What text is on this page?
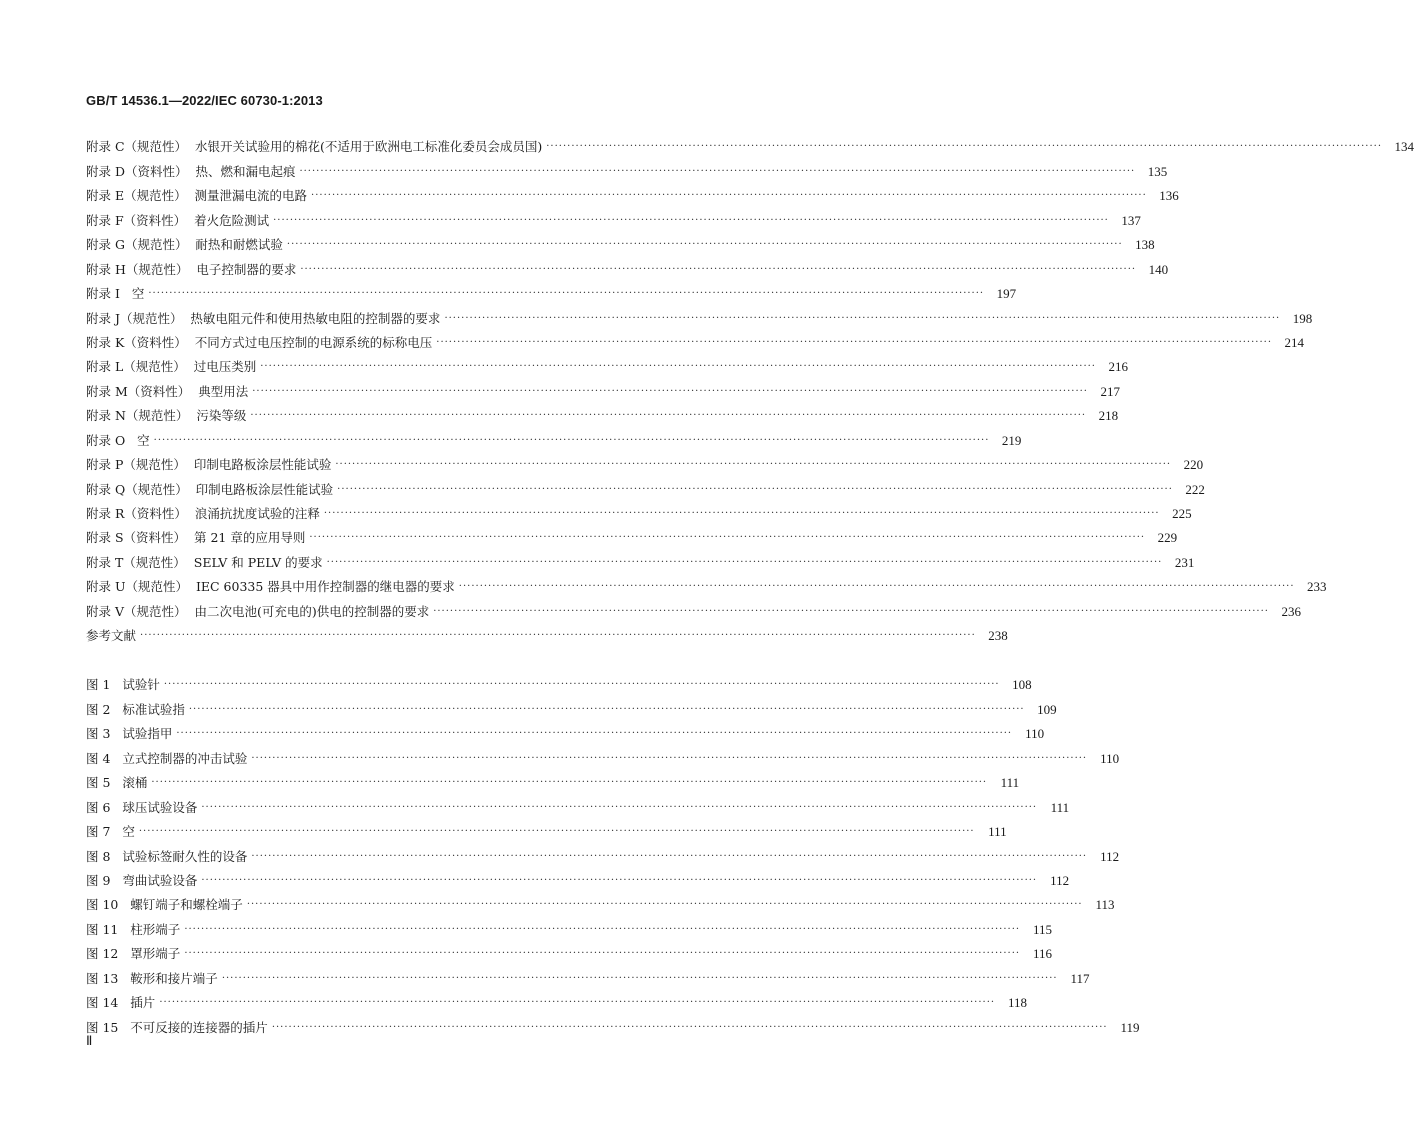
GB/T 14536.1—2022/IEC 60730-1:2013
附录 C（规范性）  水银开关试验用的棉花(不适用于欧洲电工标准化委员会成员国) ········································································································································································································ 134
附录 D（资料性）  热、燃和漏电起痕 ········································································································································································································ 135
附录 E（规范性）  测量泄漏电流的电路 ········································································································································································································ 136
附录 F（资料性）  着火危险测试 ········································································································································································································ 137
附录 G（规范性）  耐热和耐燃试验 ········································································································································································································ 138
附录 H（规范性）  电子控制器的要求 ········································································································································································································ 140
附录 I   空 ········································································································································································································ 197
附录 J（规范性）  热敏电阻元件和使用热敏电阻的控制器的要求 ········································································································································································································ 198
附录 K（资料性）  不同方式过电压控制的电源系统的标称电压 ········································································································································································································ 214
附录 L（规范性）  过电压类别 ········································································································································································································ 216
附录 M（资料性）  典型用法 ········································································································································································································ 217
附录 N（规范性）  污染等级 ········································································································································································································ 218
附录 O   空 ········································································································································································································ 219
附录 P（规范性）  印制电路板涂层性能试验 ········································································································································································································ 220
附录 Q（规范性）  印制电路板涂层性能试验 ········································································································································································································ 222
附录 R（资料性）  浪涌抗扰度试验的注释 ········································································································································································································ 225
附录 S（资料性）  第 21 章的应用导则 ········································································································································································································ 229
附录 T（规范性）  SELV 和 PELV 的要求 ········································································································································································································ 231
附录 U（规范性）  IEC 60335 器具中用作控制器的继电器的要求 ········································································································································································································ 233
附录 V（规范性）  由二次电池(可充电的)供电的控制器的要求 ········································································································································································································ 236
参考文献 ········································································································································································································ 238
图 1   试验针 ········································································································································································································ 108
图 2   标准试验指 ········································································································································································································ 109
图 3   试验指甲 ········································································································································································································ 110
图 4   立式控制器的冲击试验 ········································································································································································································ 110
图 5   滚桶 ········································································································································································································	111
图 6   球压试验设备 ········································································································································································································	111
图 7   空 ········································································································································································································	111
图 8   试验标签耐久性的设备 ········································································································································································································ 112
图 9   弯曲试验设备 ········································································································································································································ 112
图 10   螺钉端子和螺栓端子 ········································································································································································································ 113
图 11   柱形端子 ········································································································································································································ 115
图 12   罩形端子 ········································································································································································································ 116
图 13   鞍形和接片端子 ········································································································································································································ 117
图 14   插片 ········································································································································································································ 118
图 15   不可反接的连接器的插片 ········································································································································································································ 119
Ⅱ
